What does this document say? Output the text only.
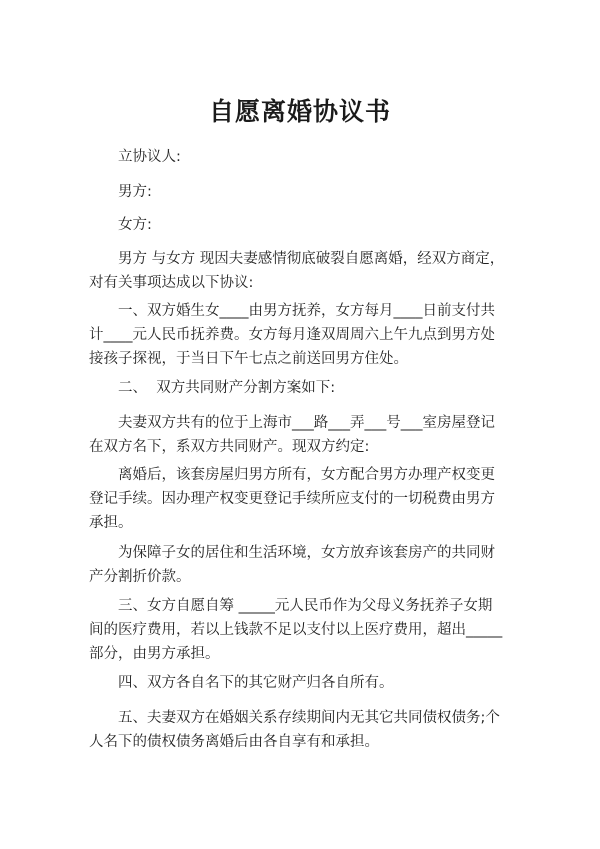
自愿离婚协议书

立协议人:

男方:

女方:

男方 与女方 现因夫妻感情彻底破裂自愿离婚，经双方商定，对有关事项达成以下协议:

一、双方婚生女____由男方抚养，女方每月____日前支付共计____元人民币抚养费。女方每月逢双周周六上午九点到男方处接孩子探视，于当日下午七点之前送回男方住处。

二、  双方共同财产分割方案如下:

夫妻双方共有的位于上海市___路___弄___号___室房屋登记在双方名下，系双方共同财产。现双方约定:

离婚后，该套房屋归男方所有，女方配合男方办理产权变更登记手续。因办理产权变更登记手续所应支付的一切税费由男方承担。

为保障子女的居住和生活环境，女方放弃该套房产的共同财产分割折价款。

三、女方自愿自筹 _____元人民币作为父母义务抚养子女期间的医疗费用，若以上钱款不足以支付以上医疗费用，超出_____部分，由男方承担。

四、双方各自名下的其它财产归各自所有。

五、夫妻双方在婚姻关系存续期间内无其它共同债权债务;个人名下的债权债务离婚后由各自享有和承担。
